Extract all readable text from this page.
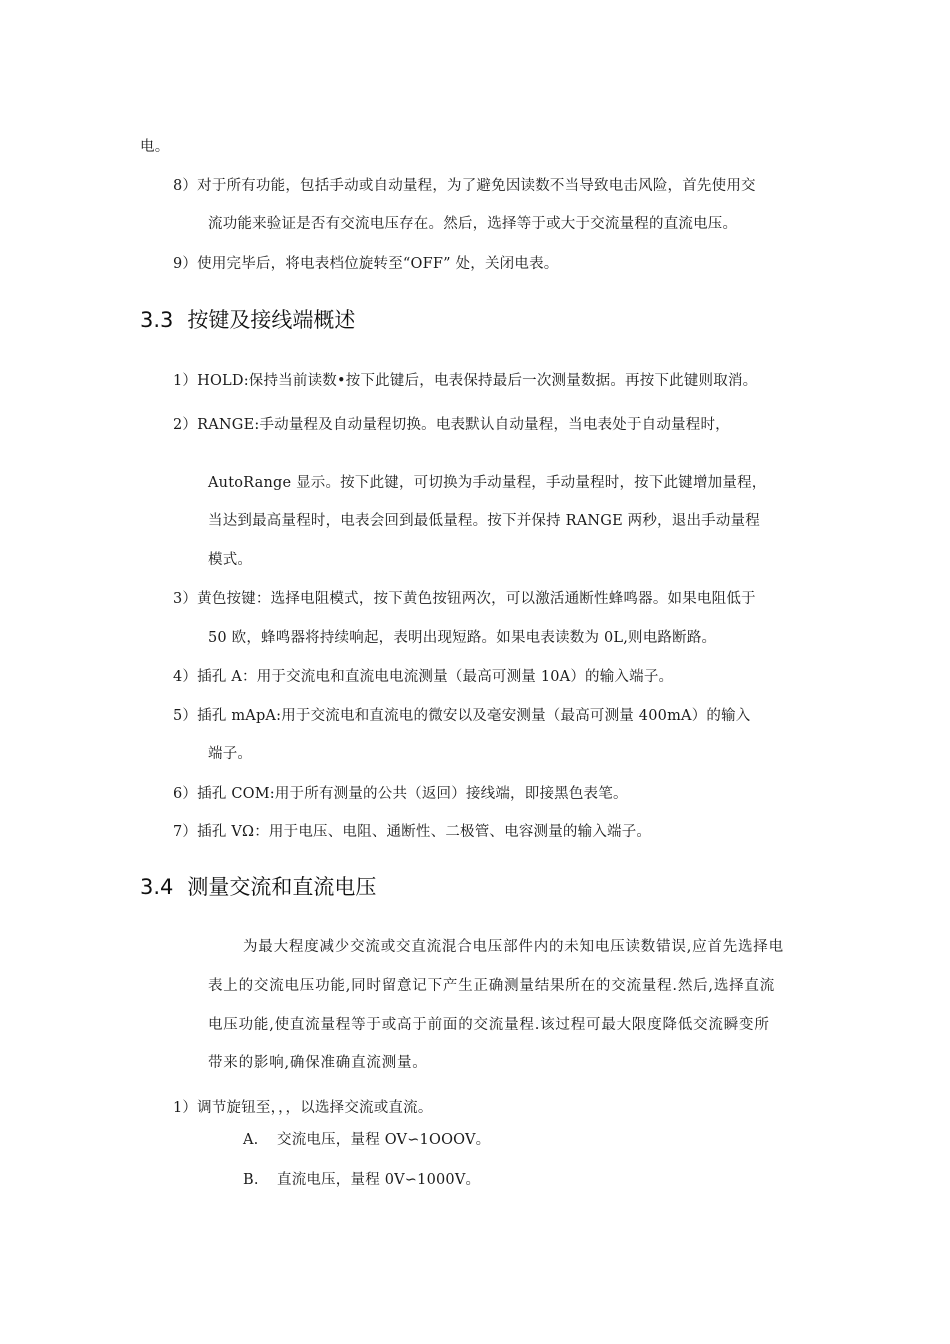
电。
8）对于所有功能，包括手动或自动量程，为了避免因读数不当导致电击风险，首先使用交
流功能来验证是否有交流电压存在。然后，选择等于或大于交流量程的直流电压。
9）使用完毕后，将电表档位旋转至“OFF” 处，关闭电表。
3.3 按键及接线端概述
1）HOLD:保持当前读数•按下此键后，电表保持最后一次测量数据。再按下此键则取消。
2）RANGE:手动量程及自动量程切换。电表默认自动量程，当电表处于自动量程时，
AutoRange 显示。按下此键，可切换为手动量程，手动量程时，按下此键增加量程，
当达到最高量程时，电表会回到最低量程。按下并保持 RANGE 两秒，退出手动量程
模式。
3）黄色按键：选择电阻模式，按下黄色按钮两次，可以激活通断性蜂鸣器。如果电阻低于
50 欧，蜂鸣器将持续响起，表明出现短路。如果电表读数为 0L,则电路断路。
4）插孔 A：用于交流电和直流电电流测量（最高可测量 10A）的输入端子。
5）插孔 mApA:用于交流电和直流电的微安以及毫安测量（最高可测量 400mA）的输入
端子。
6）插孔 COM:用于所有测量的公共（返回）接线端，即接黑色表笔。
7）插孔 VΩ：用于电压、电阻、通断性、二极管、电容测量的输入端子。
3.4 测量交流和直流电压
为最大程度减少交流或交直流混合电压部件内的未知电压读数错误,应首先选择电
表上的交流电压功能,同时留意记下产生正确测量结果所在的交流量程.然后,选择直流
电压功能,使直流量程等于或高于前面的交流量程.该过程可最大限度降低交流瞬变所
带来的影响,确保准确直流测量。
1）调节旋钮至，，，以选择交流或直流。
A. 交流电压，量程 OV∽1OOOV。
B. 直流电压，量程 0V∽1000V。
